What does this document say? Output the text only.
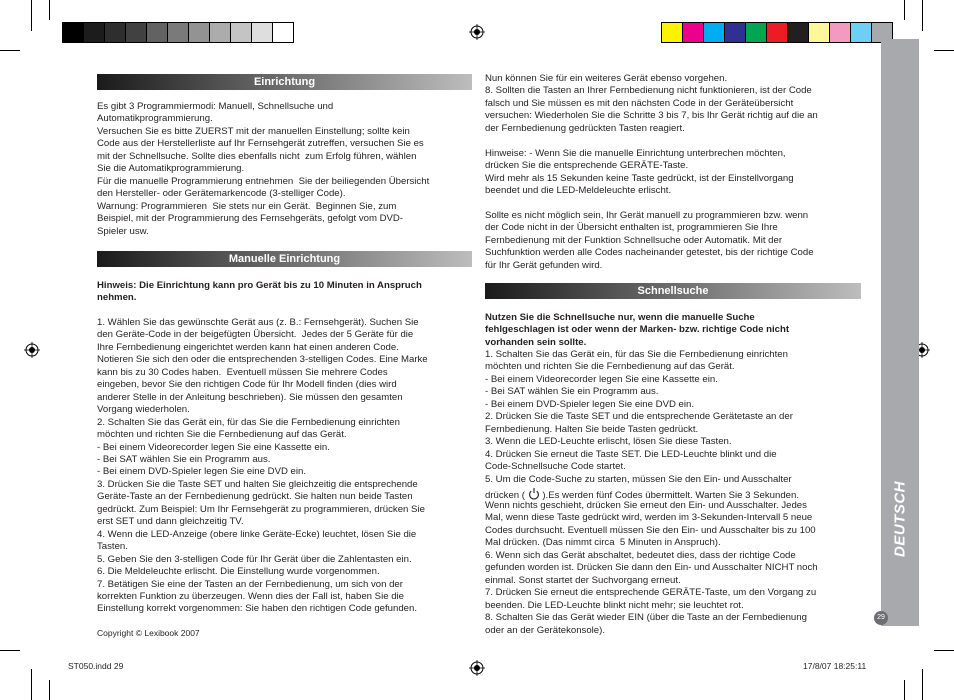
Einrichtung
Es gibt 3 Programmiermodi: Manuell, Schnellsuche und
Automatikprogrammierung.
Versuchen Sie es bitte ZUERST mit der manuellen Einstellung; sollte kein
Code aus der Herstellerliste auf Ihr Fernsehgerät zutreffen, versuchen Sie es
mit der Schnellsuche. Sollte dies ebenfalls nicht  zum Erfolg führen, wählen
Sie die Automatikprogrammierung.
Für die manuelle Programmierung entnehmen  Sie der beiliegenden Übersicht
den Hersteller- oder Gerätemarkencode (3-stelliger Code).
Warnung: Programmieren  Sie stets nur ein Gerät.  Beginnen Sie, zum
Beispiel, mit der Programmierung des Fernsehgeräts, gefolgt vom DVD-
Spieler usw.
Manuelle Einrichtung
Hinweis: Die Einrichtung kann pro Gerät bis zu 10 Minuten in Anspruch
nehmen.
1. Wählen Sie das gewünschte Gerät aus (z. B.: Fernsehgerät). Suchen Sie
den Geräte-Code in der beigefügten Übersicht.  Jedes der 5 Geräte für die
Ihre Fernbedienung eingerichtet werden kann hat einen anderen Code.
Notieren Sie sich den oder die entsprechenden 3-stelligen Codes. Eine Marke
kann bis zu 30 Codes haben.  Eventuell müssen Sie mehrere Codes
eingeben, bevor Sie den richtigen Code für Ihr Modell finden (dies wird
anderer Stelle in der Anleitung beschrieben). Sie müssen den gesamten
Vorgang wiederholen.
2. Schalten Sie das Gerät ein, für das Sie die Fernbedienung einrichten
möchten und richten Sie die Fernbedienung auf das Gerät.
- Bei einem Videorecorder legen Sie eine Kassette ein.
- Bei SAT wählen Sie ein Programm aus.
- Bei einem DVD-Spieler legen Sie eine DVD ein.
3. Drücken Sie die Taste SET und halten Sie gleichzeitig die entsprechende
Geräte-Taste an der Fernbedienung gedrückt. Sie halten nun beide Tasten
gedrückt. Zum Beispiel: Um Ihr Fernsehgerät zu programmieren, drücken Sie
erst SET und dann gleichzeitig TV.
4. Wenn die LED-Anzeige (obere linke Geräte-Ecke) leuchtet, lösen Sie die
Tasten.
5. Geben Sie den 3-stelligen Code für Ihr Gerät über die Zahlentasten ein.
6. Die Meldeleuchte erlischt. Die Einstellung wurde vorgenommen.
7. Betätigen Sie eine der Tasten an der Fernbedienung, um sich von der
korrekten Funktion zu überzeugen. Wenn dies der Fall ist, haben Sie die
Einstellung korrekt vorgenommen: Sie haben den richtigen Code gefunden.
Copyright © Lexibook 2007
Nun können Sie für ein weiteres Gerät ebenso vorgehen.
8. Sollten die Tasten an Ihrer Fernbedienung nicht funktionieren, ist der Code
falsch und Sie müssen es mit den nächsten Code in der Geräteübersicht
versuchen: Wiederholen Sie die Schritte 3 bis 7, bis Ihr Gerät richtig auf die an
der Fernbedienung gedrückten Tasten reagiert.

Hinweise: - Wenn Sie die manuelle Einrichtung unterbrechen möchten,
drücken Sie die entsprechende GERÄTE-Taste.
Wird mehr als 15 Sekunden keine Taste gedrückt, ist der Einstellvorgang
beendet und die LED-Meldeleuchte erlischt.

Sollte es nicht möglich sein, Ihr Gerät manuell zu programmieren bzw. wenn
der Code nicht in der Übersicht enthalten ist, programmieren Sie Ihre
Fernbedienung mit der Funktion Schnellsuche oder Automatik. Mit der
Suchfunktion werden alle Codes nacheinander getestet, bis der richtige Code
für Ihr Gerät gefunden wird.
Schnellsuche
Nutzen Sie die Schnellsuche nur, wenn die manuelle Suche
fehlgeschlagen ist oder wenn der Marken- bzw. richtige Code nicht
vorhanden sein sollte.
1. Schalten Sie das Gerät ein, für das Sie die Fernbedienung einrichten
möchten und richten Sie die Fernbedienung auf das Gerät.
- Bei einem Videorecorder legen Sie eine Kassette ein.
- Bei SAT wählen Sie ein Programm aus.
- Bei einem DVD-Spieler legen Sie eine DVD ein.
2. Drücken Sie die Taste SET und die entsprechende Gerätetaste an der
Fernbedienung. Halten Sie beide Tasten gedrückt.
3. Wenn die LED-Leuchte erlischt, lösen Sie diese Tasten.
4. Drücken Sie erneut die Taste SET. Die LED-Leuchte blinkt und die
Code-Schnellsuche Code startet.
5. Um die Code-Suche zu starten, müssen Sie den Ein- und Ausschalter
drücken (  ).Es werden fünf Codes übermittelt. Warten Sie 3 Sekunden.
Wenn nichts geschieht, drücken Sie erneut den Ein- und Ausschalter. Jedes
Mal, wenn diese Taste gedrückt wird, werden im 3-Sekunden-Intervall 5 neue
Codes durchsucht. Eventuell müssen Sie den Ein- und Ausschalter bis zu 100
Mal drücken. (Das nimmt circa  5 Minuten in Anspruch).
6. Wenn sich das Gerät abschaltet, bedeutet dies, dass der richtige Code
gefunden worden ist. Drücken Sie dann den Ein- und Ausschalter NICHT noch
einmal. Sonst startet der Suchvorgang erneut.
7. Drücken Sie erneut die entsprechende GERÄTE-Taste, um den Vorgang zu
beenden. Die LED-Leuchte blinkt nicht mehr; sie leuchtet rot.
8. Schalten Sie das Gerät wieder EIN (über die Taste an der Fernbedienung
oder an der Gerätekonsole).
DEUTSCH
29
ST050.indd 29	17/8/07 18:25:11
